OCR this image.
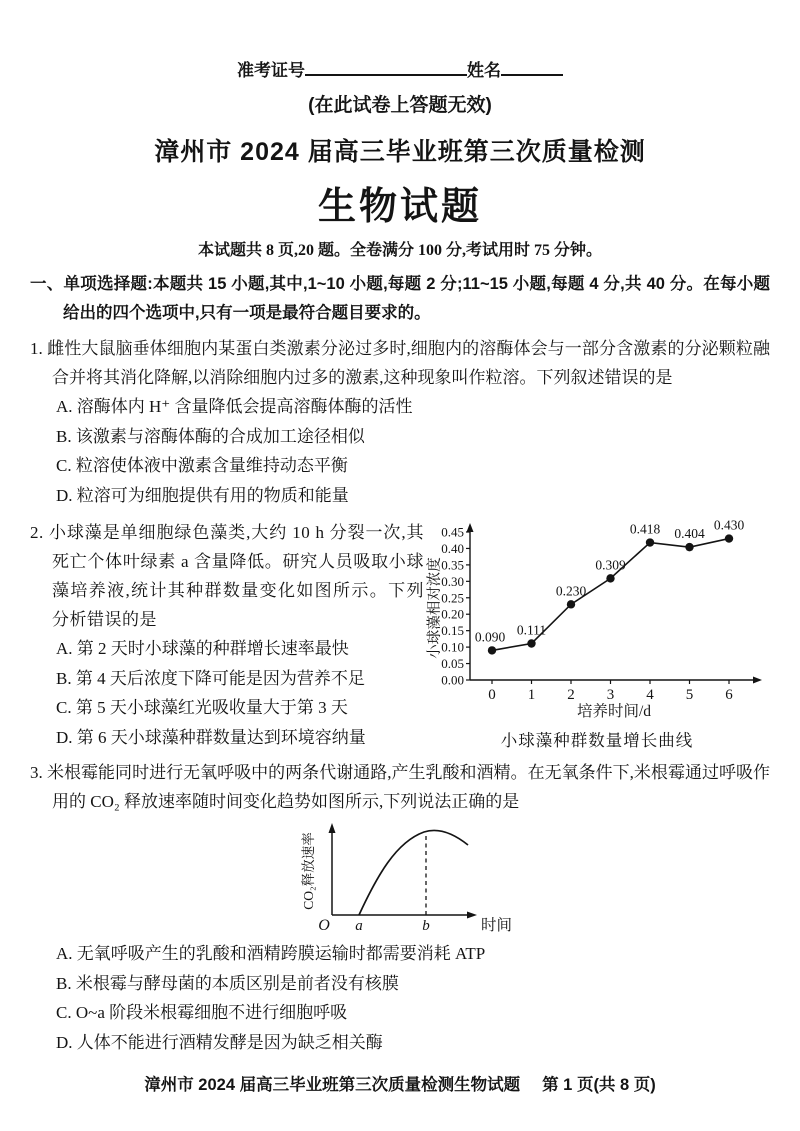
准考证号	姓名
(在此试卷上答题无效)
漳州市 2024 届高三毕业班第三次质量检测
生物试题
本试题共 8 页,20 题。全卷满分 100 分,考试用时 75 分钟。
一、单项选择题:本题共 15 小题,其中,1~10 小题,每题 2 分;11~15 小题,每题 4 分,共 40 分。在每小题给出的四个选项中,只有一项是最符合题目要求的。
1. 雌性大鼠脑垂体细胞内某蛋白类激素分泌过多时,细胞内的溶酶体会与一部分含激素的分泌颗粒融合并将其消化降解,以消除细胞内过多的激素,这种现象叫作粒溶。下列叙述错误的是
A. 溶酶体内 H⁺ 含量降低会提高溶酶体酶的活性
B. 该激素与溶酶体酶的合成加工途径相似
C. 粒溶使体液中激素含量维持动态平衡
D. 粒溶可为细胞提供有用的物质和能量
2. 小球藻是单细胞绿色藻类,大约 10 h 分裂一次,其死亡个体叶绿素 a 含量降低。研究人员吸取小球藻培养液,统计其种群数量变化如图所示。下列分析错误的是
A. 第 2 天时小球藻的种群增长速率最快
B. 第 4 天后浓度下降可能是因为营养不足
C. 第 5 天小球藻红光吸收量大于第 3 天
D. 第 6 天小球藻种群数量达到环境容纳量
小球藻相对浓度
培养时间/d
0.00
0.05
0.10
0.15
0.20
0.25
0.30
0.35
0.40
0.45
0 1 2 3 4 5 6
0.090 0.111
0.230
0.309
0.418 0.404
0.430
小球藻种群数量增长曲线
3. 米根霉能同时进行无氧呼吸中的两条代谢通路,产生乳酸和酒精。在无氧条件下,米根霉通过呼吸作用的 CO₂ 释放速率随时间变化趋势如图所示,下列说法正确的是
O a	b	时间
CO₂释放速率
A. 无氧呼吸产生的乳酸和酒精跨膜运输时都需要消耗 ATP
B. 米根霉与酵母菌的本质区别是前者没有核膜
C. O~a 阶段米根霉细胞不进行细胞呼吸
D. 人体不能进行酒精发酵是因为缺乏相关酶
漳州市 2024 届高三毕业班第三次质量检测生物试题 第 1 页(共 8 页)
